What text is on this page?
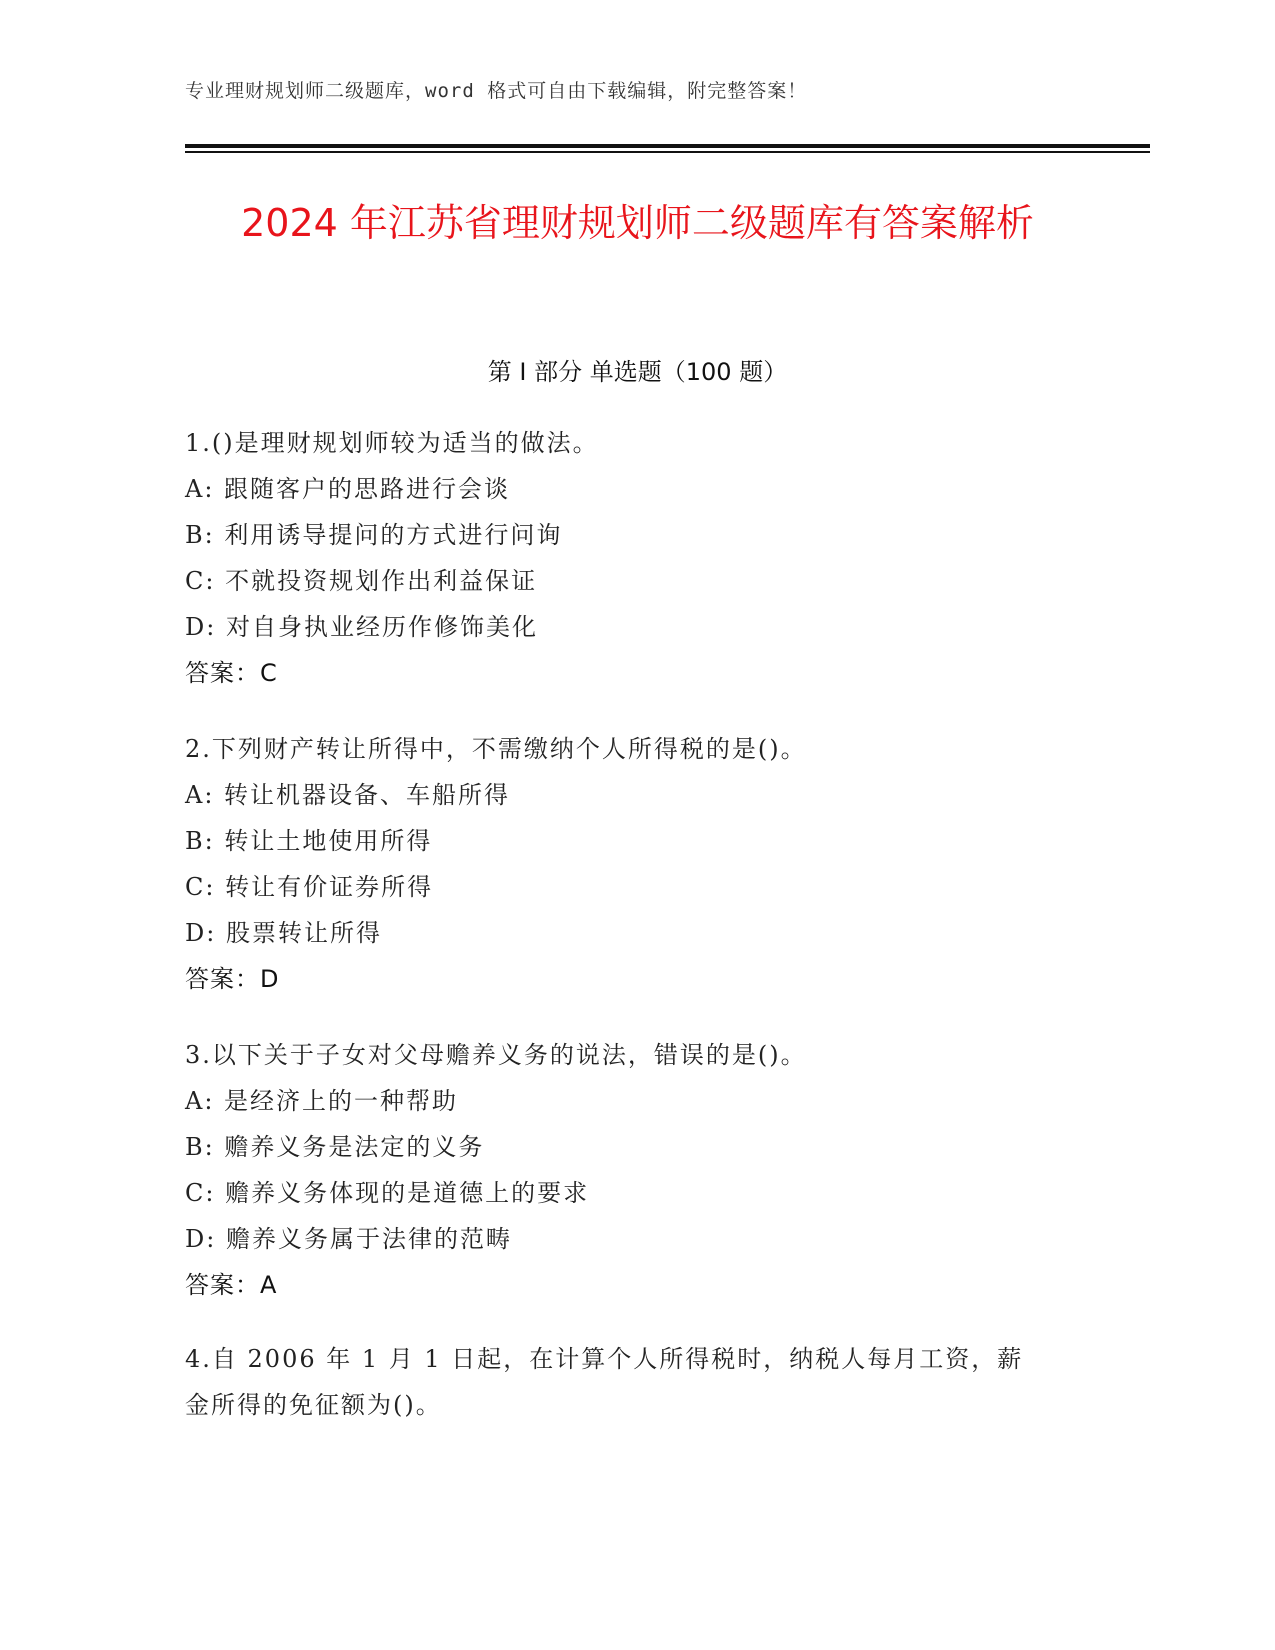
专业理财规划师二级题库，word 格式可自由下载编辑，附完整答案！
2024 年江苏省理财规划师二级题库有答案解析
第 I 部分 单选题（100 题）
1.()是理财规划师较为适当的做法。
A: 跟随客户的思路进行会谈
B: 利用诱导提问的方式进行问询
C: 不就投资规划作出利益保证
D: 对自身执业经历作修饰美化
答案：C
2.下列财产转让所得中，不需缴纳个人所得税的是()。
A: 转让机器设备、车船所得
B: 转让土地使用所得
C: 转让有价证券所得
D: 股票转让所得
答案：D
3.以下关于子女对父母赡养义务的说法，错误的是()。
A: 是经济上的一种帮助
B: 赡养义务是法定的义务
C: 赡养义务体现的是道德上的要求
D: 赡养义务属于法律的范畴
答案：A
4.自 2006 年 1 月 1 日起，在计算个人所得税时，纳税人每月工资，薪
金所得的免征额为()。
